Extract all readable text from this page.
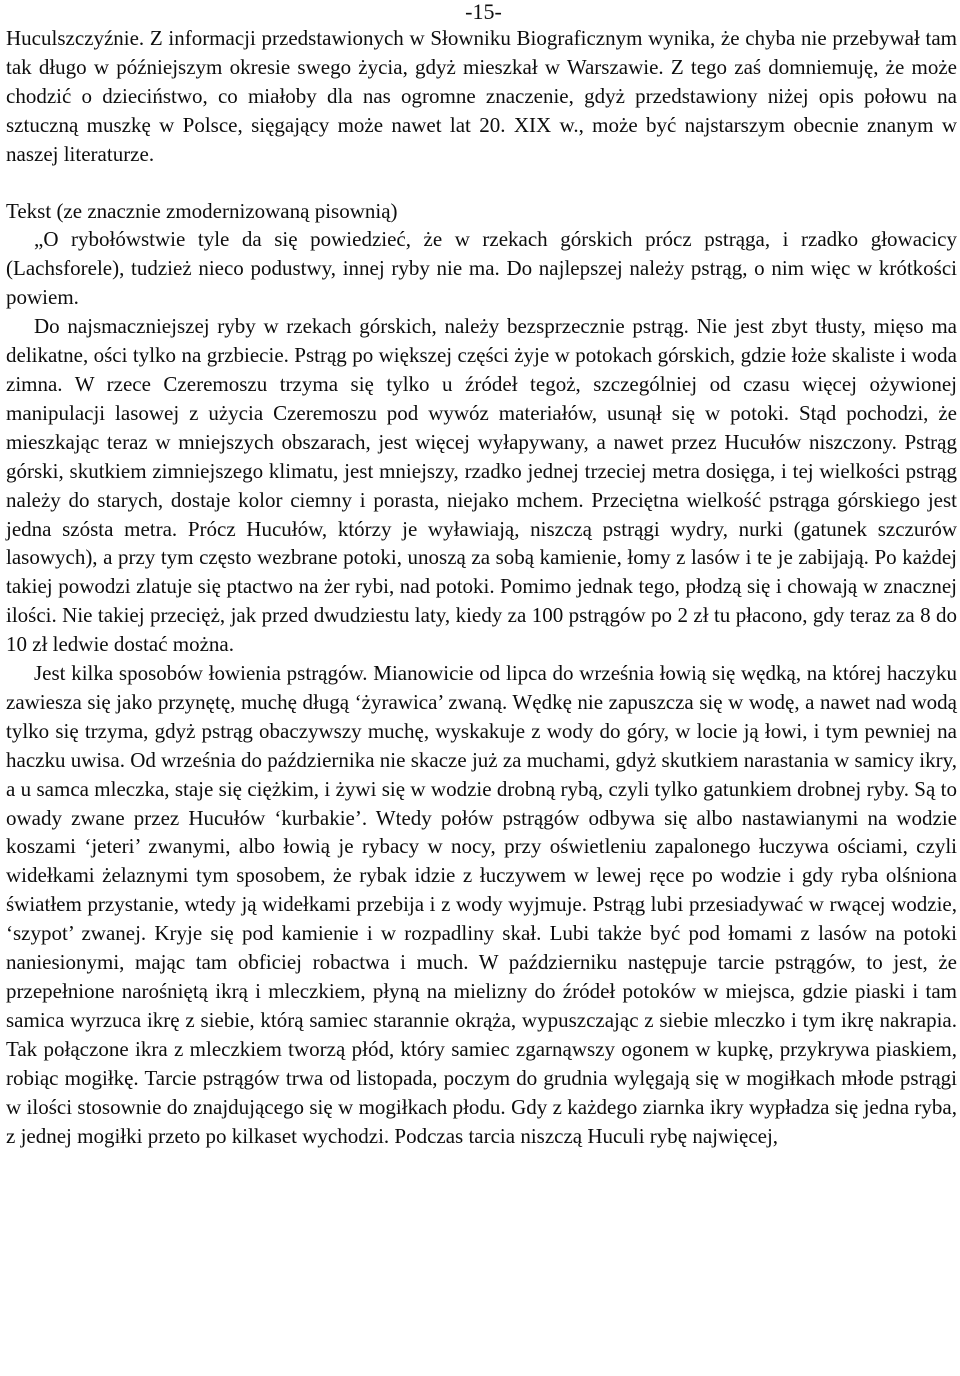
-15-

Huculszczyźnie. Z informacji przedstawionych w Słowniku Biograficznym wynika, że chyba nie przebywał tam tak długo w późniejszym okresie swego życia, gdyż mieszkał w Warszawie. Z tego zaś domniemuję, że może chodzić o dzieciństwo, co miałoby dla nas ogromne znaczenie, gdyż przedstawiony niżej opis połowu na sztuczną muszkę w Polsce, sięgający może nawet lat 20. XIX w., może być najstarszym obecnie znanym w naszej literaturze.

Tekst (ze znacznie zmodernizowaną pisownią)

„O rybołówstwie tyle da się powiedzieć, że w rzekach górskich prócz pstrąga, i rzadko głowacicy (Lachsforele), tudzież nieco podustwy, innej ryby nie ma. Do najlepszej należy pstrąg, o nim więc w krótkości powiem.

Do najsmaczniejszej ryby w rzekach górskich, należy bezsprzecznie pstrąg. Nie jest zbyt tłusty, mięso ma delikatne, ości tylko na grzbiecie. Pstrąg po większej części żyje w potokach górskich, gdzie łoże skaliste i woda zimna. W rzece Czeremoszu trzyma się tylko u źródeł tegoż, szczególniej od czasu więcej ożywionej manipulacji lasowej z użycia Czeremoszu pod wywóz materiałów, usunął się w potoki. Stąd pochodzi, że mieszkając teraz w mniejszych obszarach, jest więcej wyłapywany, a nawet przez Hucułów niszczony. Pstrąg górski, skutkiem zimniejszego klimatu, jest mniejszy, rzadko jednej trzeciej metra dosięga, i tej wielkości pstrąg należy do starych, dostaje kolor ciemny i porasta, niejako mchem. Przeciętna wielkość pstrąga górskiego jest jedna szósta metra. Prócz Hucułów, którzy je wyławiają, niszczą pstrągi wydry, nurki (gatunek szczurów lasowych), a przy tym często wezbrane potoki, unoszą za sobą kamienie, łomy z lasów i te je zabijają. Po każdej takiej powodzi zlatuje się ptactwo na żer rybi, nad potoki. Pomimo jednak tego, płodzą się i chowają w znacznej ilości. Nie takiej przecięż, jak przed dwudziestu laty, kiedy za 100 pstrągów po 2 zł tu płacono, gdy teraz za 8 do 10 zł ledwie dostać można.

Jest kilka sposobów łowienia pstrągów. Mianowicie od lipca do września łowią się wędką, na której haczyku zawiesza się jako przynętę, muchę długą ‘żyrawica’ zwaną. Wędkę nie zapuszcza się w wodę, a nawet nad wodą tylko się trzyma, gdyż pstrąg obaczywszy muchę, wyskakuje z wody do góry, w locie ją łowi, i tym pewniej na haczku uwisa. Od września do października nie skacze już za muchami, gdyż skutkiem narastania w samicy ikry, a u samca mleczka, staje się ciężkim, i żywi się w wodzie drobną rybą, czyli tylko gatunkiem drobnej ryby. Są to owady zwane przez Hucułów ‘kurbakie’. Wtedy połów pstrągów odbywa się albo nastawianymi na wodzie koszami ‘jeteri’ zwanymi, albo łowią je rybacy w nocy, przy oświetleniu zapalonego łuczywa ościami, czyli widełkami żelaznymi tym sposobem, że rybak idzie z łuczywem w lewej ręce po wodzie i gdy ryba olśniona światłem przystanie, wtedy ją widełkami przebija i z wody wyjmuje. Pstrąg lubi przesiadywać w rwącej wodzie, ‘szypot’ zwanej. Kryje się pod kamienie i w rozpadliny skał. Lubi także być pod łomami z lasów na potoki naniesionymi, mając tam obficiej robactwa i much. W październiku następuje tarcie pstrągów, to jest, że przepełnione narośniętą ikrą i mleczkiem, płyną na mielizny do źródeł potoków w miejsca, gdzie piaski i tam samica wyrzuca ikrę z siebie, którą samiec starannie okrąża, wypuszczając z siebie mleczko i tym ikrę nakrapia. Tak połączone ikra z mleczkiem tworzą płód, który samiec zgarnąwszy ogonem w kupkę, przykrywa piaskiem, robiąc mogiłkę. Tarcie pstrągów trwa od listopada, poczym do grudnia wylęgają się w mogiłkach młode pstrągi w ilości stosownie do znajdującego się w mogiłkach płodu. Gdy z każdego ziarnka ikry wypładza się jedna ryba, z jednej mogiłki przeto po kilkaset wychodzi. Podczas tarcia niszczą Huculi rybę najwięcej,
